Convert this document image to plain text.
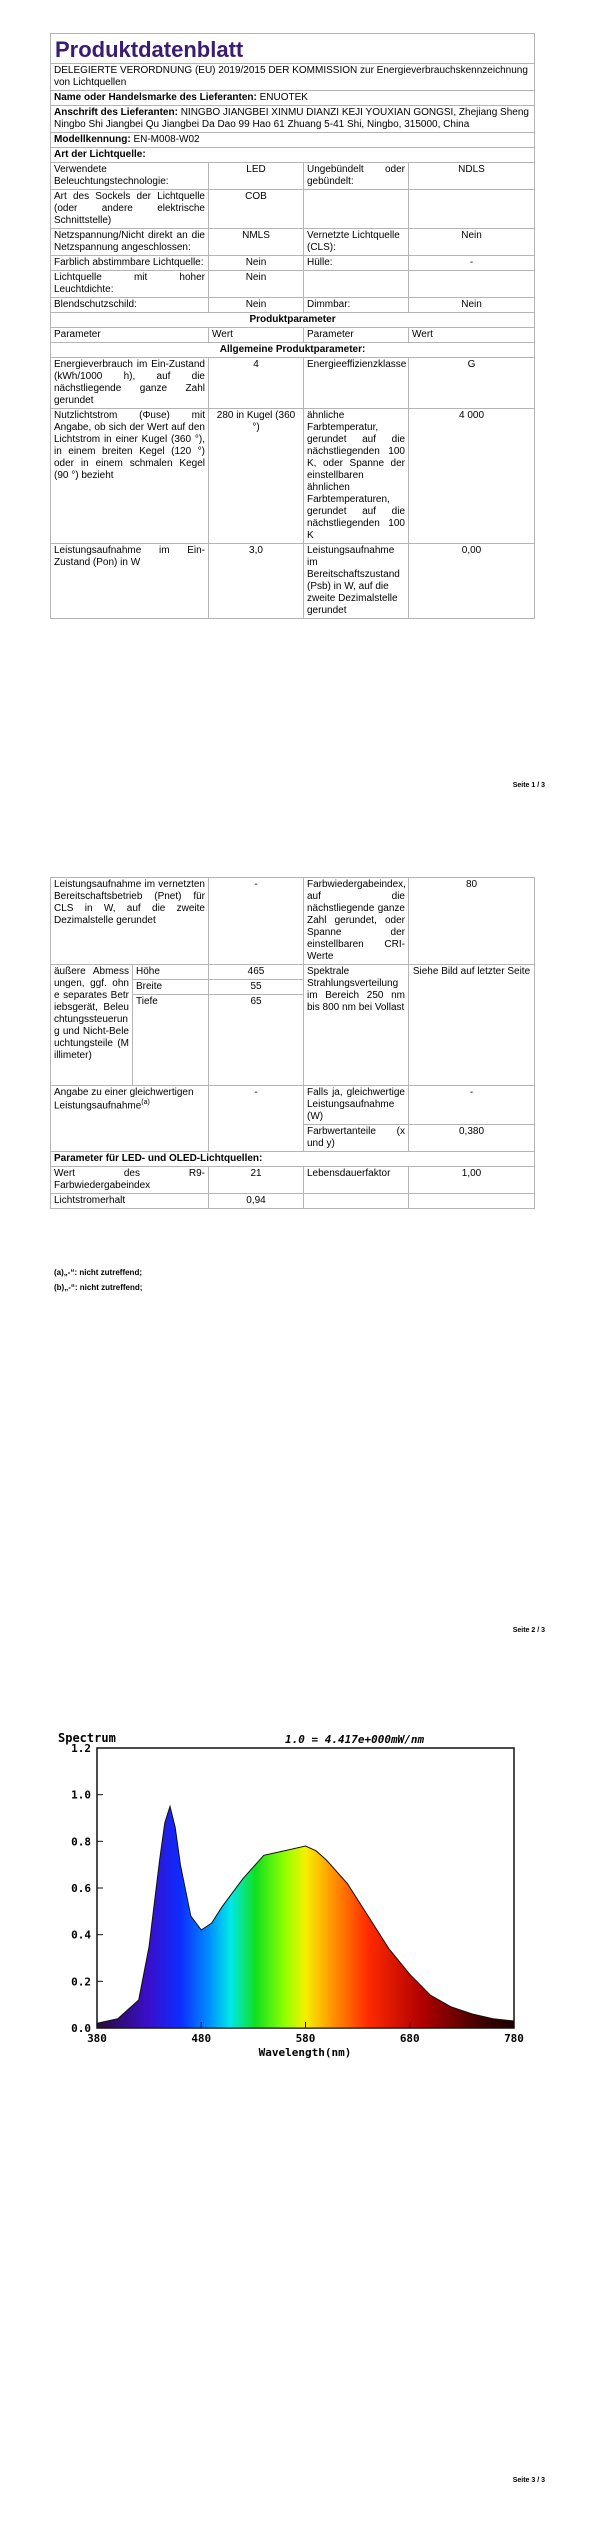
Produktdatenblatt			
DELEGIERTE VERORDNUNG (EU) 2019/2015 DER KOMMISSION zur Energieverbrauchskennzeichnung von Lichtquellen			
Name oder Handelsmarke des Lieferanten: ENUOTEK			
Anschrift des Lieferanten: NINGBO JIANGBEI XINMU DIANZI KEJI YOUXIAN GONGSI, Zhejiang Sheng Ningbo Shi Jiangbei Qu Jiangbei Da Dao 99 Hao 61 Zhuang 5-41 Shi, Ningbo, 315000, China			
Modellkennung: EN-M008-W02			
Art der Lichtquelle:			
Verwendete Beleuchtungstechnologie:	LED	Ungebündelt oder gebündelt:	NDLS
Art des Sockels der Lichtquelle (oder andere elektrische Schnittstelle)	COB		
Netzspannung/Nicht direkt an die Netzspannung angeschlossen:	NMLS	Vernetzte Lichtquelle (CLS):	Nein
Farblich abstimmbare Lichtquelle:	Nein	Hülle:	-
Lichtquelle mit hoher Leuchtdichte:	Nein		
Blendschutzschild:	Nein	Dimmbar:	Nein
Produktparameter			
Parameter	Wert	Parameter	Wert
Allgemeine Produktparameter:			
Energieverbrauch im Ein-Zustand (kWh/1000 h), auf die nächstliegende ganze Zahl gerundet	4	Energieeffizienzklasse	G
Nutzlichtstrom (Φuse) mit Angabe, ob sich der Wert auf den Lichtstrom in einer Kugel (360 °), in einem breiten Kegel (120 °) oder in einem schmalen Kegel (90 °) bezieht	280 in Kugel (360 °)	ähnliche Farbtemperatur, gerundet auf die nächstliegenden 100 K, oder Spanne der einstellbaren ähnlichen Farbtemperaturen, gerundet auf die nächstliegenden 100 K	4 000
Leistungsaufnahme im Ein-Zustand (Pon) in W	3,0	Leistungsaufnahme im Bereitschaftszustand (Psb) in W, auf die zweite Dezimalstelle gerundet	0,00
Seite 1 / 3
Leistungsaufnahme im vernetzten Bereitschaftsbetrieb (Pnet) für CLS in W, auf die zweite Dezimalstelle gerundet		-	Farbwiedergabeindex, auf die nächstliegende ganze Zahl gerundet, oder Spanne der einstellbaren CRI-Werte	80
äußere Abmessungen, ggf. ohne separates Betriebsgerät, Beleuchtungssteuerung und Nicht-Beleuchtungsteile (Millimeter)	Höhe	465	Spektrale Strahlungsverteilung im Bereich 250 nm bis 800 nm bei Vollast	Siehe Bild auf letzter Seite
	Breite	55		
	Tiefe	65		
Angabe zu einer gleichwertigen Leistungsaufnahme$^{(a)}$		-	Falls ja, gleichwertige Leistungsaufnahme (W)	-
			Farbwertanteile (x und y)	0,380
Parameter für LED- und OLED-Lichtquellen:				
Wert des R9-Farbwiedergabeindex		21	Lebensdauerfaktor	1,00
Lichtstromerhalt		0,94		
(a)„-“: nicht zutreffend;
(b)„-“: nicht zutreffend;
Seite 2 / 3
Spectrum	1.0 = 4.417e+000mW/nm
Wavelength(nm)
0.0
0.2
0.4
0.6
0.8
1.0
1.2
380	480	580	680	780
Seite 3 / 3
